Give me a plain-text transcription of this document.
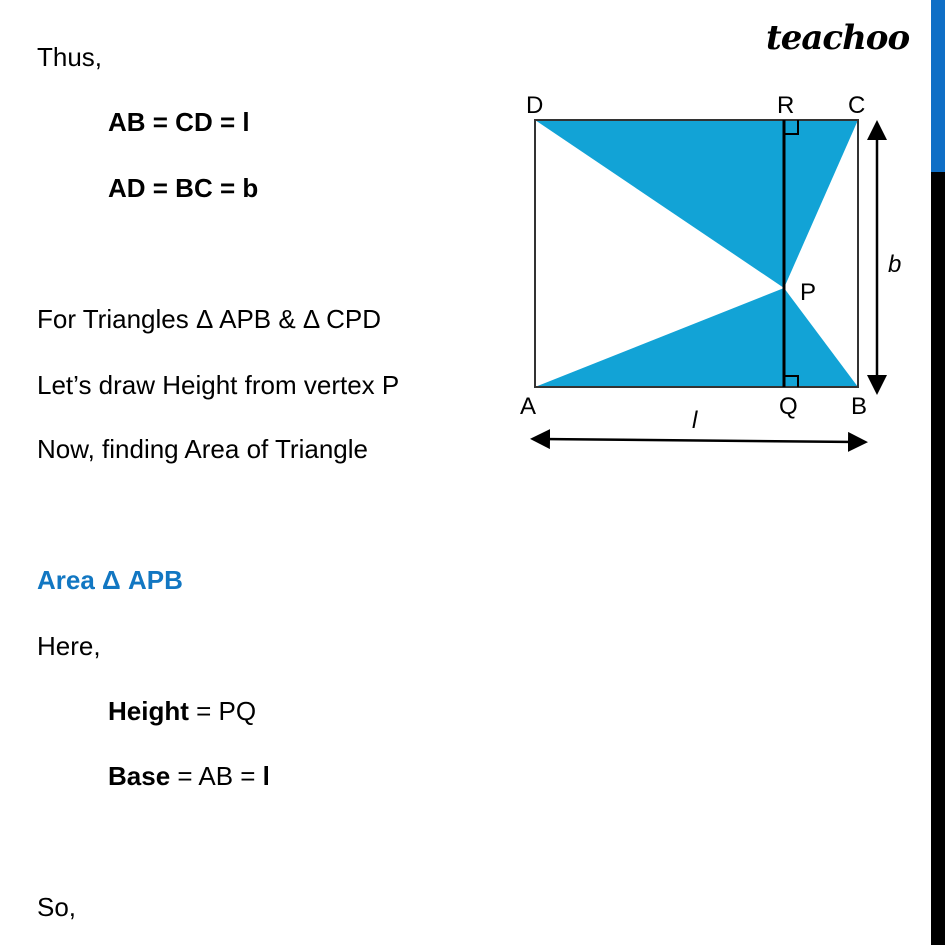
teachoo
Thus,
AB = CD = l
AD = BC = b
For Triangles Δ APB & Δ CPD
Let’s draw Height from vertex P
Now, finding Area of Triangle
Area Δ APB
Here,
Height = PQ
Base = AB = l
So,
D	R C
P
A	Q B
l
b
